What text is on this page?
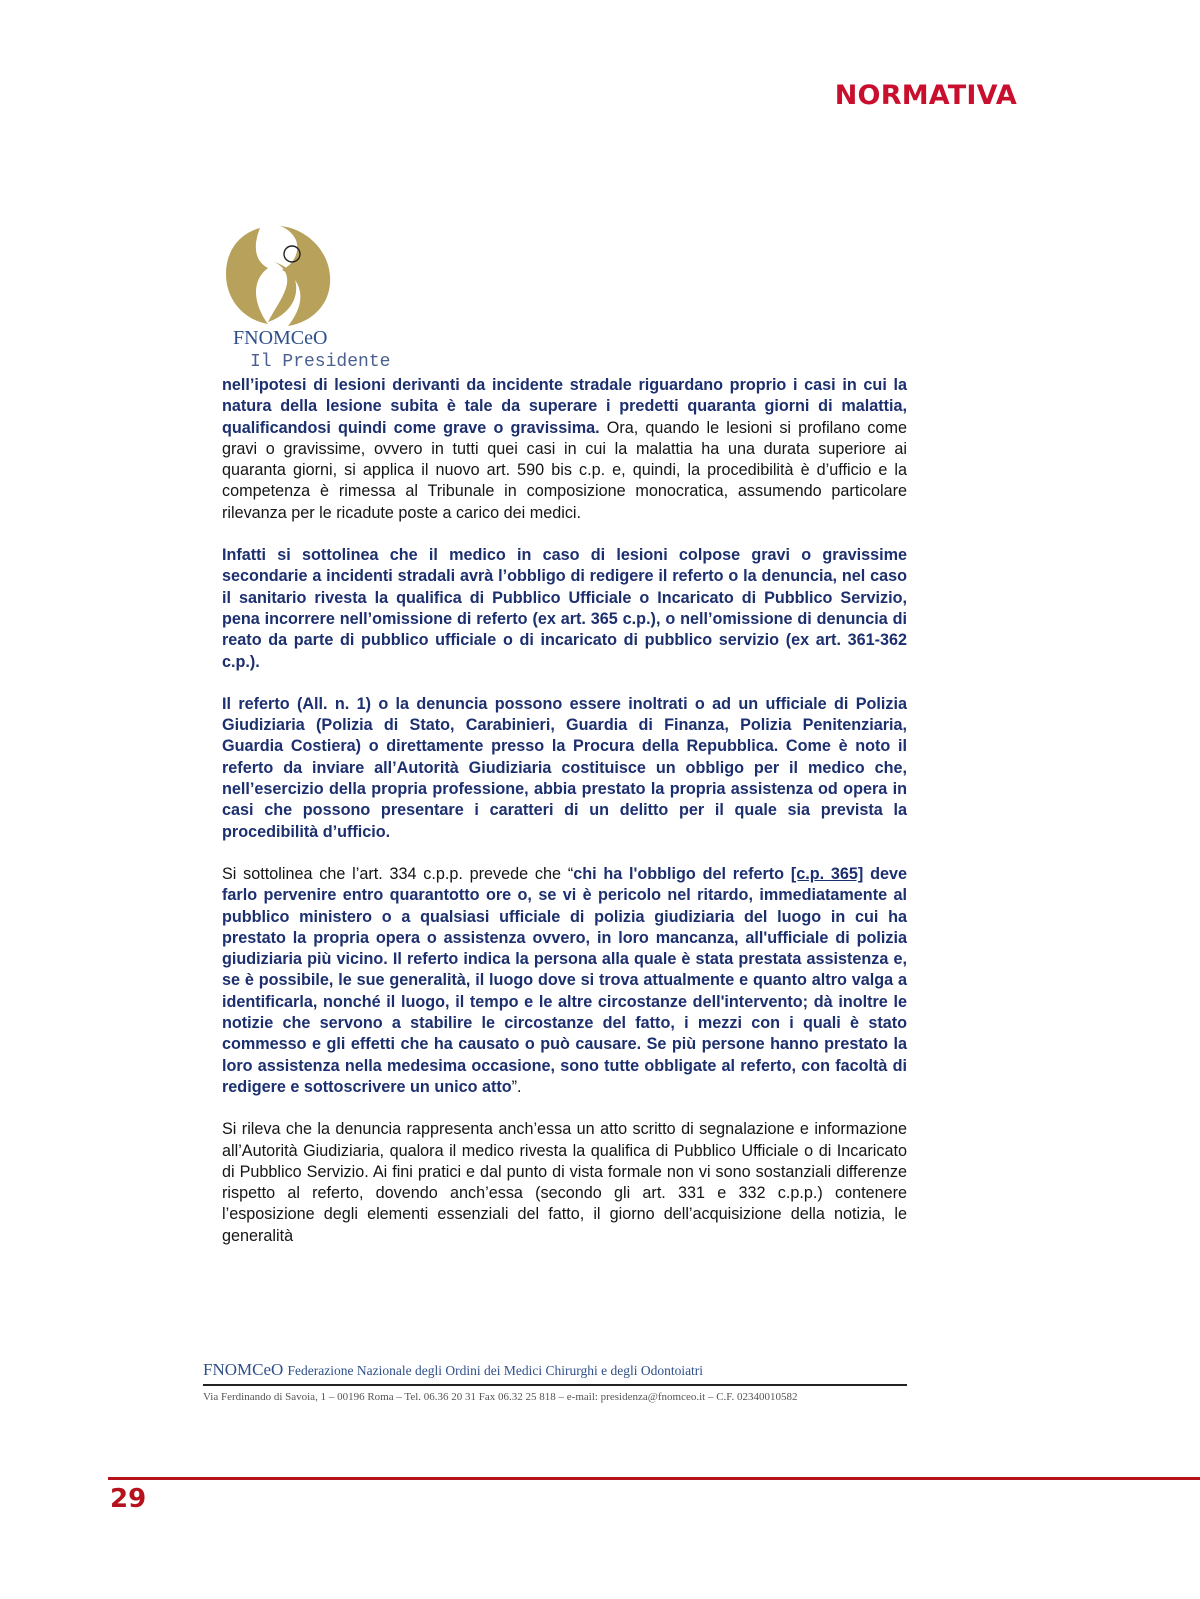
NORMATIVA
FNOMCeO
Il Presidente

nell’ipotesi di lesioni derivanti da incidente stradale riguardano proprio i casi in cui la natura della lesione subita è tale da superare i predetti quaranta giorni di malattia, qualificandosi quindi come grave o gravissima. Ora, quando le lesioni si profilano come gravi o gravissime, ovvero in tutti quei casi in cui la malattia ha una durata superiore ai quaranta giorni, si applica il nuovo art. 590 bis c.p. e, quindi, la procedibilità è d’ufficio e la competenza è rimessa al Tribunale in composizione monocratica, assumendo particolare rilevanza per le ricadute poste a carico dei medici.

Infatti si sottolinea che il medico in caso di lesioni colpose gravi o gravissime secondarie a incidenti stradali avrà l’obbligo di redigere il referto o la denuncia, nel caso il sanitario rivesta la qualifica di Pubblico Ufficiale o Incaricato di Pubblico Servizio, pena incorrere nell’omissione di referto (ex art. 365 c.p.), o nell’omissione di denuncia di reato da parte di pubblico ufficiale o di incaricato di pubblico servizio (ex art. 361-362 c.p.).

Il referto (All. n. 1) o la denuncia possono essere inoltrati o ad un ufficiale di Polizia Giudiziaria (Polizia di Stato, Carabinieri, Guardia di Finanza, Polizia Penitenziaria, Guardia Costiera) o direttamente presso la Procura della Repubblica. Come è noto il referto da inviare all’Autorità Giudiziaria costituisce un obbligo per il medico che, nell’esercizio della propria professione, abbia prestato la propria assistenza od opera in casi che possono presentare i caratteri di un delitto per il quale sia prevista la procedibilità d’ufficio.

Si sottolinea che l’art. 334 c.p.p. prevede che “chi ha l'obbligo del referto [c.p. 365] deve farlo pervenire entro quarantotto ore o, se vi è pericolo nel ritardo, immediatamente al pubblico ministero o a qualsiasi ufficiale di polizia giudiziaria del luogo in cui ha prestato la propria opera o assistenza ovvero, in loro mancanza, all'ufficiale di polizia giudiziaria più vicino. Il referto indica la persona alla quale è stata prestata assistenza e, se è possibile, le sue generalità, il luogo dove si trova attualmente e quanto altro valga a identificarla, nonché il luogo, il tempo e le altre circostanze dell'intervento; dà inoltre le notizie che servono a stabilire le circostanze del fatto, i mezzi con i quali è stato commesso e gli effetti che ha causato o può causare. Se più persone hanno prestato la loro assistenza nella medesima occasione, sono tutte obbligate al referto, con facoltà di redigere e sottoscrivere un unico atto”.

Si rileva che la denuncia rappresenta anch’essa un atto scritto di segnalazione e informazione all’Autorità Giudiziaria, qualora il medico rivesta la qualifica di Pubblico Ufficiale o di Incaricato di Pubblico Servizio. Ai fini pratici e dal punto di vista formale non vi sono sostanziali differenze rispetto al referto, dovendo anch’essa (secondo gli art. 331 e 332 c.p.p.) contenere l’esposizione degli elementi essenziali del fatto, il giorno dell’acquisizione della notizia, le generalità

FNOMCeO Federazione Nazionale degli Ordini dei Medici Chirurghi e degli Odontoiatri
Via Ferdinando di Savoia, 1 – 00196 Roma – Tel. 06.36 20 31 Fax 06.32 25 818 – e-mail: presidenza@fnomceo.it – C.F. 02340010582
29
